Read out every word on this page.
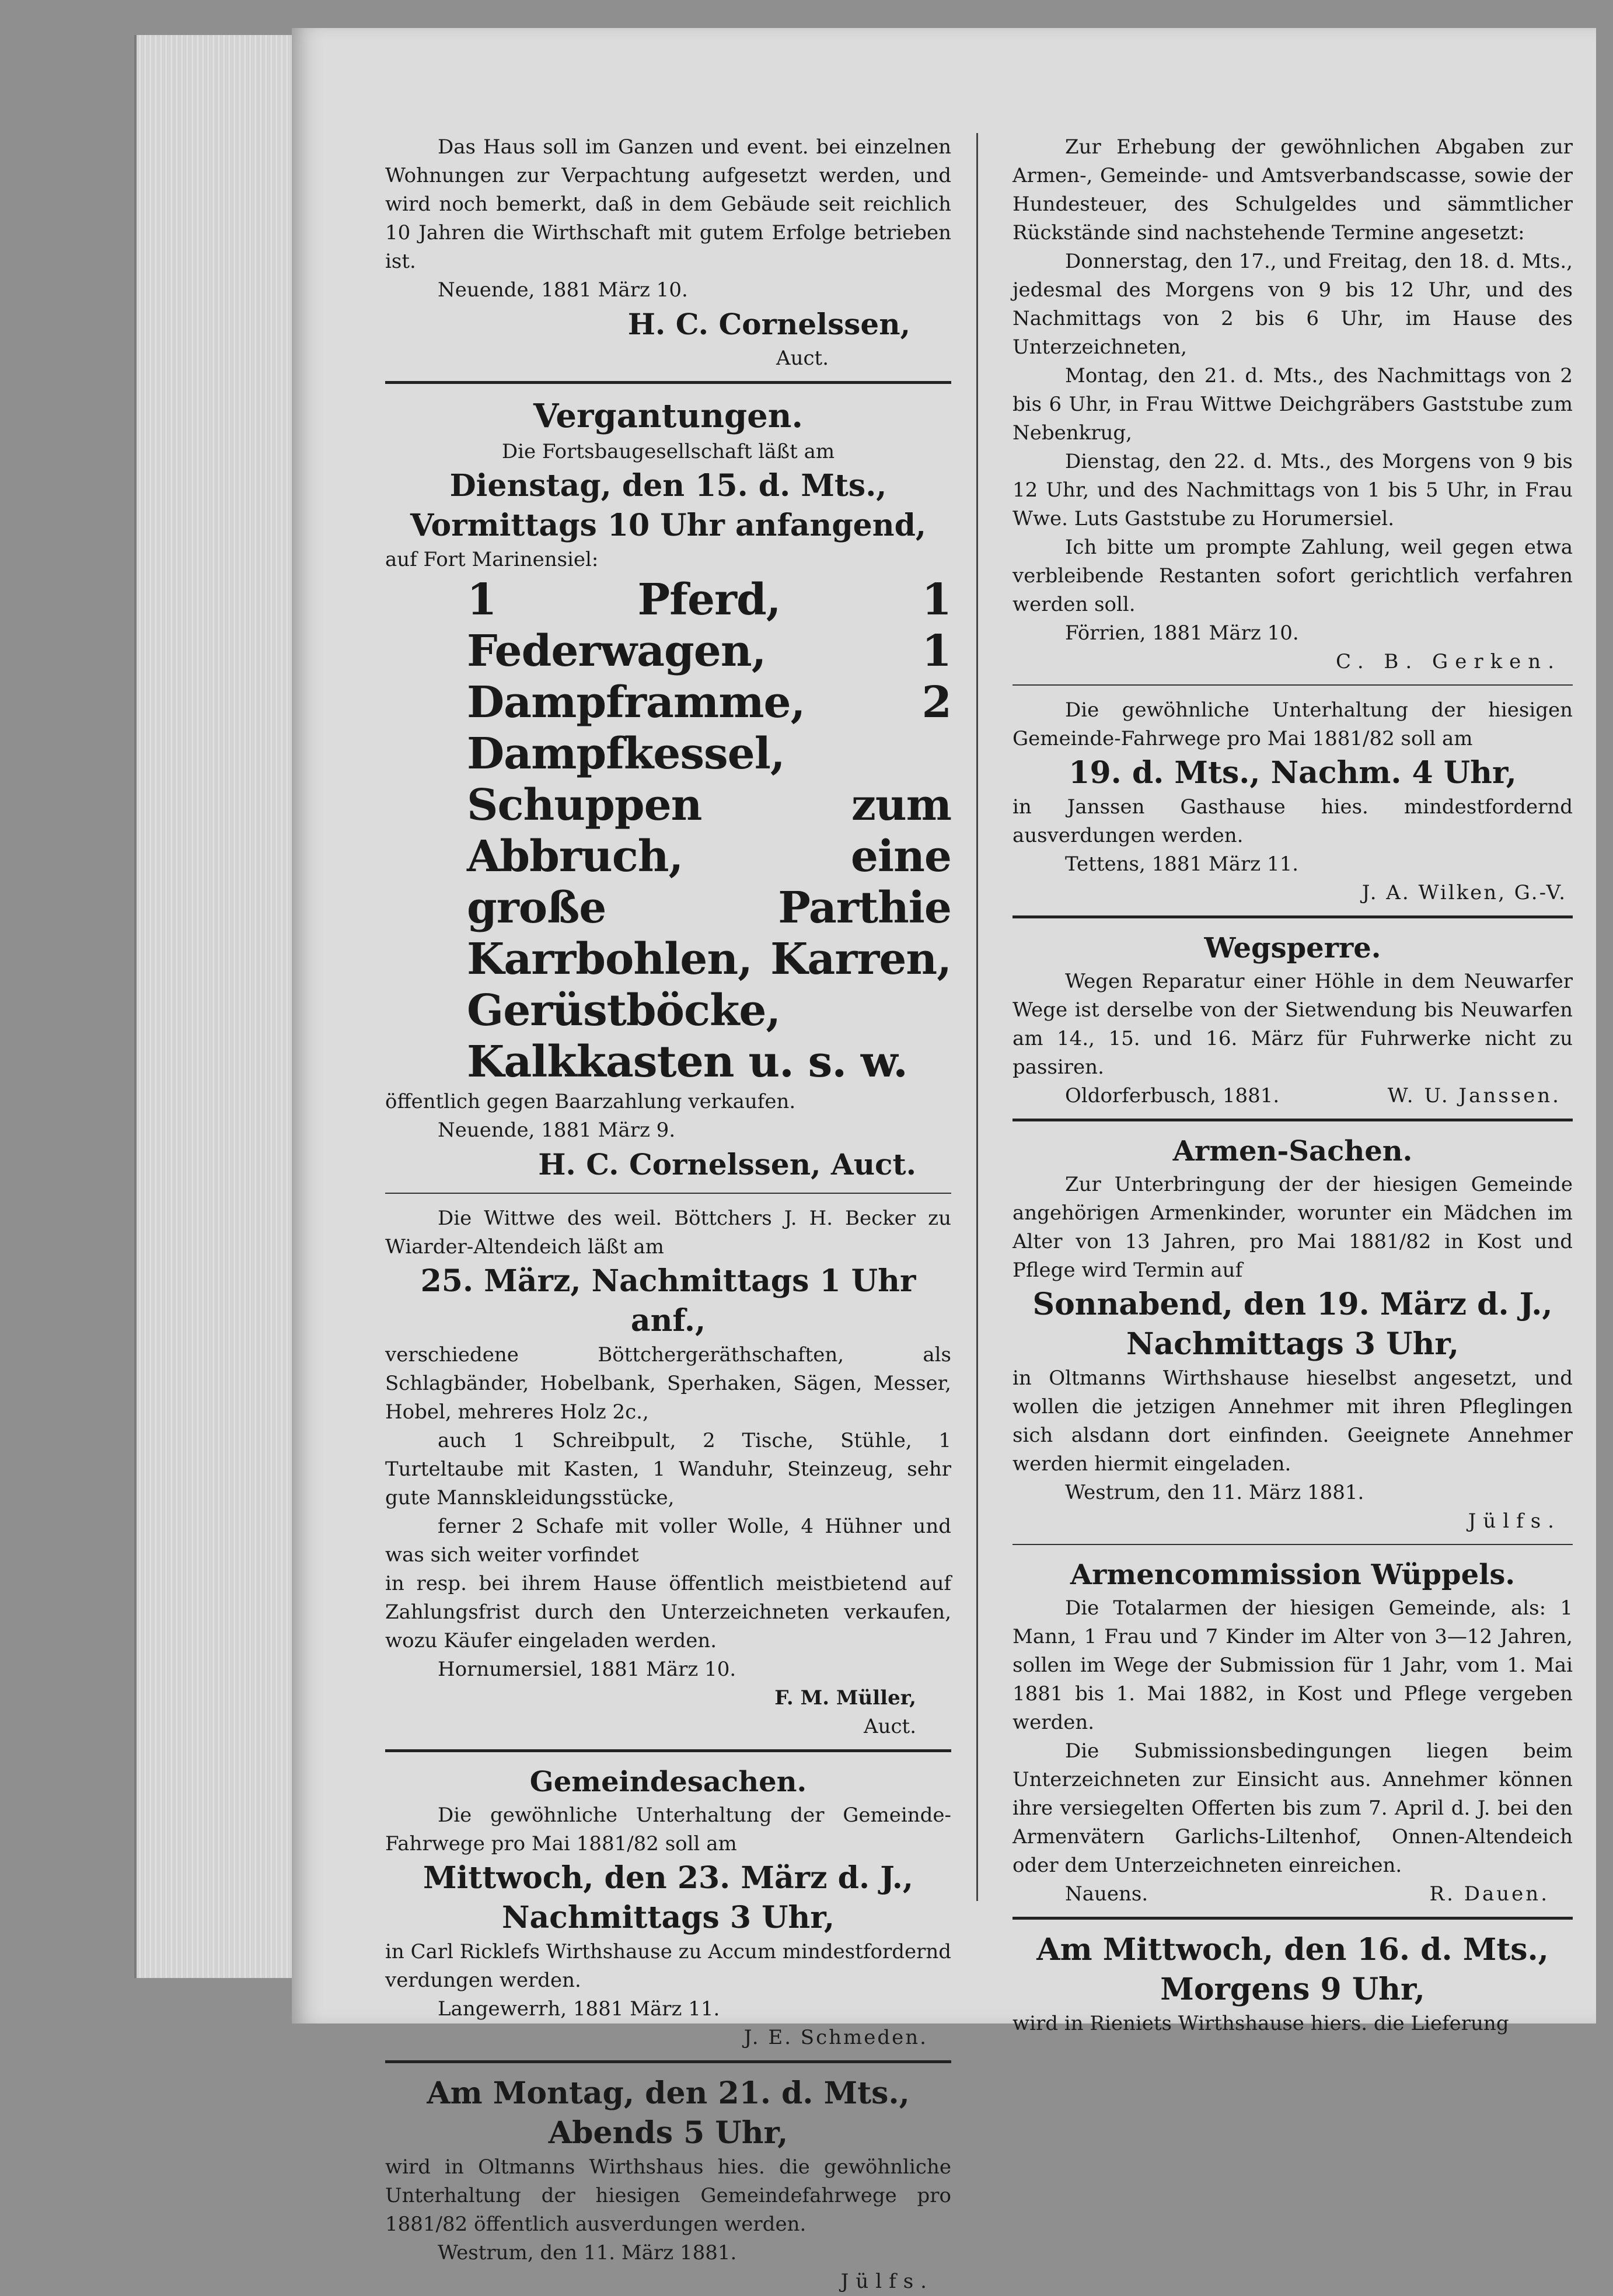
Das Haus soll im Ganzen und event. bei einzelnen Wohnungen zur Verpachtung aufgesetzt werden, und wird noch bemerkt, daß in dem Gebäude seit reichlich 10 Jahren die Wirthschaft mit gutem Erfolge betrieben ist.

Neuende, 1881 März 10.

H. C. Cornelssen,

Auct.

Vergantungen.

Die Fortsbaugesellschaft läßt am

Dienstag, den 15. d. Mts.,
Vormittags 10 Uhr anfangend,

auf Fort Marinensiel:

1 Pferd, 1 Federwagen, 1 Dampframme, 2 Dampfkessel, Schuppen zum Abbruch, eine große Parthie Karrbohlen, Karren, Gerüstböcke, Kalkkasten u. s. w.

öffentlich gegen Baarzahlung verkaufen.

Neuende, 1881 März 9.

H. C. Cornelssen, Auct.

Die Wittwe des weil. Böttchers J. H. Becker zu Wiarder-Altendeich läßt am

25. März, Nachmittags 1 Uhr anf.,

verschiedene Böttchergeräthschaften, als Schlagbänder, Hobelbank, Sperhaken, Sägen, Messer, Hobel, mehreres Holz 2c.,

auch 1 Schreibpult, 2 Tische, Stühle, 1 Turteltaube mit Kasten, 1 Wanduhr, Steinzeug, sehr gute Mannskleidungsstücke,

ferner 2 Schafe mit voller Wolle, 4 Hühner und was sich weiter vorfindet

in resp. bei ihrem Hause öffentlich meistbietend auf Zahlungsfrist durch den Unterzeichneten verkaufen, wozu Käufer eingeladen werden.

Hornumersiel, 1881 März 10.

F. M. Müller,

Auct.

Gemeindesachen.

Die gewöhnliche Unterhaltung der Gemeinde-Fahrwege pro Mai 1881/82 soll am

Mittwoch, den 23. März d. J.,
Nachmittags 3 Uhr,

in Carl Ricklefs Wirthshause zu Accum mindestfordernd verdungen werden.

Langewerrh, 1881 März 11.

J. E. Schmeden.

Am Montag, den 21. d. Mts.,
Abends 5 Uhr,

wird in Oltmanns Wirthshaus hies. die gewöhnliche Unterhaltung der hiesigen Gemeindefahrwege pro 1881/82 öffentlich ausverdungen werden.

Westrum, den 11. März 1881.

Jülfs.

Zur Erhebung der gewöhnlichen Abgaben zur Armen-, Gemeinde- und Amtsverbandscasse, sowie der Hundesteuer, des Schulgeldes und sämmtlicher Rückstände sind nachstehende Termine angesetzt:

Donnerstag, den 17., und Freitag, den 18. d. Mts., jedesmal des Morgens von 9 bis 12 Uhr, und des Nachmittags von 2 bis 6 Uhr, im Hause des Unterzeichneten,

Montag, den 21. d. Mts., des Nachmittags von 2 bis 6 Uhr, in Frau Wittwe Deichgräbers Gaststube zum Nebenkrug,

Dienstag, den 22. d. Mts., des Morgens von 9 bis 12 Uhr, und des Nachmittags von 1 bis 5 Uhr, in Frau Wwe. Luts Gaststube zu Horumersiel.

Ich bitte um prompte Zahlung, weil gegen etwa verbleibende Restanten sofort gerichtlich verfahren werden soll.

Förrien, 1881 März 10.

C. B. Gerken.

Die gewöhnliche Unterhaltung der hiesigen Gemeinde-Fahrwege pro Mai 1881/82 soll am

19. d. Mts., Nachm. 4 Uhr,

in Janssen Gasthause hies. mindestfordernd ausverdungen werden.

Tettens, 1881 März 11.

J. A. Wilken, G.-V.

Wegsperre.

Wegen Reparatur einer Höhle in dem Neuwarfer Wege ist derselbe von der Sietwendung bis Neuwarfen am 14., 15. und 16. März für Fuhrwerke nicht zu passiren.

Oldorferbusch, 1881.	W. U. Janssen.
Armen-Sachen.

Zur Unterbringung der der hiesigen Gemeinde angehörigen Armenkinder, worunter ein Mädchen im Alter von 13 Jahren, pro Mai 1881/82 in Kost und Pflege wird Termin auf

Sonnabend, den 19. März d. J.,
Nachmittags 3 Uhr,

in Oltmanns Wirthshause hieselbst angesetzt, und wollen die jetzigen Annehmer mit ihren Pfleglingen sich alsdann dort einfinden. Geeignete Annehmer werden hiermit eingeladen.

Westrum, den 11. März 1881.

Jülfs.

Armencommission Wüppels.

Die Totalarmen der hiesigen Gemeinde, als: 1 Mann, 1 Frau und 7 Kinder im Alter von 3—12 Jahren, sollen im Wege der Submission für 1 Jahr, vom 1. Mai 1881 bis 1. Mai 1882, in Kost und Pflege vergeben werden.

Die Submissionsbedingungen liegen beim Unterzeichneten zur Einsicht aus. Annehmer können ihre versiegelten Offerten bis zum 7. April d. J. bei den Armenvätern Garlichs-Liltenhof, Onnen-Altendeich oder dem Unterzeichneten einreichen.

Nauens.	R. Dauen.
Am Mittwoch, den 16. d. Mts.,
Morgens 9 Uhr,

wird in Rieniets Wirthshause hiers. die Lieferung
